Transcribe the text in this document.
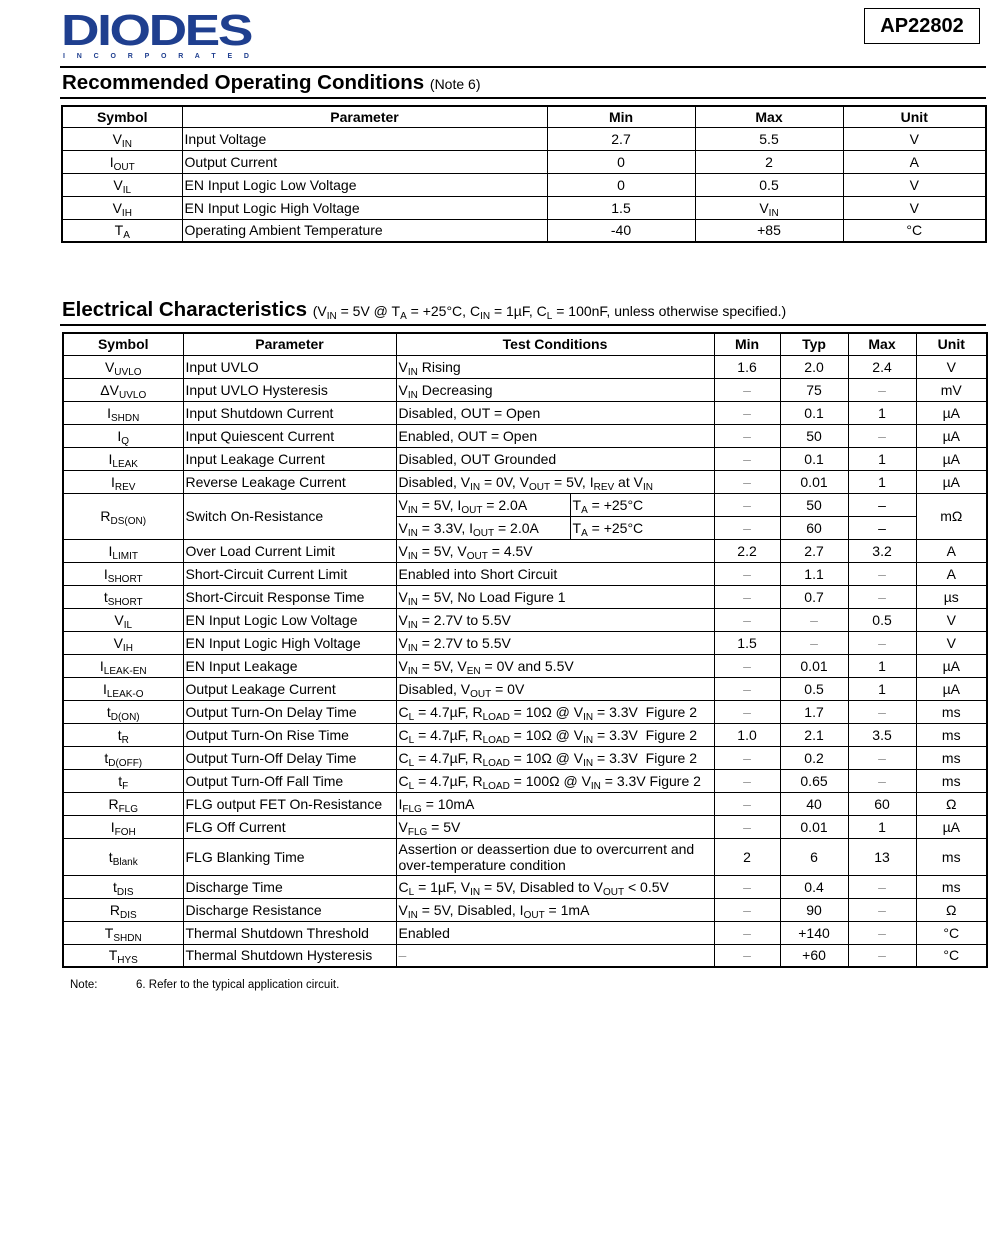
DIODES
I N C O R P O R A T E D
AP22802
Recommended Operating Conditions (Note 6)
Symbol	Parameter	Min	Max	Unit
$V_{IN}$	Input Voltage	2.7	5.5	V
$I_{OUT}$	Output Current	0	2	A
$V_{IL}$	EN Input Logic Low Voltage	0	0.5	V
$V_{IH}$	EN Input Logic High Voltage	1.5	$V_{IN}$	V
$T_A$	Operating Ambient Temperature	-40	+85	°C
Electrical Characteristics ($V_{IN} = 5V$ @ $T_A = +25^\circ C$, $C_{IN} = 1\mu F$, $C_L = 100nF$, unless otherwise specified.)
Symbol	Parameter	Test Conditions		Min	Typ	Max	Unit
$V_{UVLO}$	Input UVLO	$V_{IN}$ Rising		1.6	2.0	2.4	V
$\Delta V_{UVLO}$	Input UVLO Hysteresis	$V_{IN}$ Decreasing		–	75	–	mV
$I_{SHDN}$	Input Shutdown Current	Disabled, OUT = Open		–	0.1	1	µA
$I_Q$	Input Quiescent Current	Enabled, OUT = Open		–	50	–	µA
$I_{LEAK}$	Input Leakage Current	Disabled, OUT Grounded		–	0.1	1	µA
$I_{REV}$	Reverse Leakage Current	Disabled, $V_{IN} = 0V$, $V_{OUT} = 5V$, $I_{REV}$ at $V_{IN}$		–	0.01	1	µA
$R_{DS(ON)}$	Switch On-Resistance	$V_{IN} = 5V$, $I_{OUT} = 2.0A$	$T_A = +25^\circ C$	–	50	–	mΩ
		$V_{IN} = 3.3V$, $I_{OUT} = 2.0A$	$T_A = +25^\circ C$	–	60	–	
$I_{LIMIT}$	Over Load Current Limit	$V_{IN} = 5V$, $V_{OUT} = 4.5V$		2.2	2.7	3.2	A
$I_{SHORT}$	Short-Circuit Current Limit	Enabled into Short Circuit		–	1.1	–	A
$t_{SHORT}$	Short-Circuit Response Time	$V_{IN} = 5V$, No Load Figure 1		–	0.7	–	µs
$V_{IL}$	EN Input Logic Low Voltage	$V_{IN} = 2.7V$ to 5.5V		–	–	0.5	V
$V_{IH}$	EN Input Logic High Voltage	$V_{IN} = 2.7V$ to 5.5V		1.5	–	–	V
$I_{LEAK-EN}$	EN Input Leakage	$V_{IN} = 5V$, $V_{EN} = 0V$ and 5.5V		–	0.01	1	µA
$I_{LEAK-O}$	Output Leakage Current	Disabled, $V_{OUT} = 0V$		–	0.5	1	µA
$t_{D(ON)}$	Output Turn-On Delay Time	$C_L = 4.7\mu F$, $R_{LOAD} = 10\Omega$ @ $V_{IN} = 3.3V$  Figure 2		–	1.7	–	ms
$t_R$	Output Turn-On Rise Time	$C_L = 4.7\mu F$, $R_{LOAD} = 10\Omega$ @ $V_{IN} = 3.3V$  Figure 2		1.0	2.1	3.5	ms
$t_{D(OFF)}$	Output Turn-Off Delay Time	$C_L = 4.7\mu F$, $R_{LOAD} = 10\Omega$ @ $V_{IN} = 3.3V$  Figure 2		–	0.2	–	ms
$t_F$	Output Turn-Off Fall Time	$C_L = 4.7\mu F$, $R_{LOAD} = 100\Omega$ @ $V_{IN} = 3.3V$ Figure 2		–	0.65	–	ms
$R_{FLG}$	FLG output FET On-Resistance	$I_{FLG} = 10mA$		–	40	60	Ω
$I_{FOH}$	FLG Off Current	$V_{FLG} = 5V$		–	0.01	1	µA
$t_{Blank}$	FLG Blanking Time	Assertion or deassertion due to overcurrent and over-temperature condition		2	6	13	ms
$t_{DIS}$	Discharge Time	$C_L = 1\mu F$, $V_{IN} = 5V$, Disabled to $V_{OUT} < 0.5V$		–	0.4	–	ms
$R_{DIS}$	Discharge Resistance	$V_{IN} = 5V$, Disabled, $I_{OUT} = 1mA$		–	90	–	Ω
$T_{SHDN}$	Thermal Shutdown Threshold	Enabled		–	+140	–	°C
$T_{HYS}$	Thermal Shutdown Hysteresis	–		–	+60	–	°C
Note:	6. Refer to the typical application circuit.
